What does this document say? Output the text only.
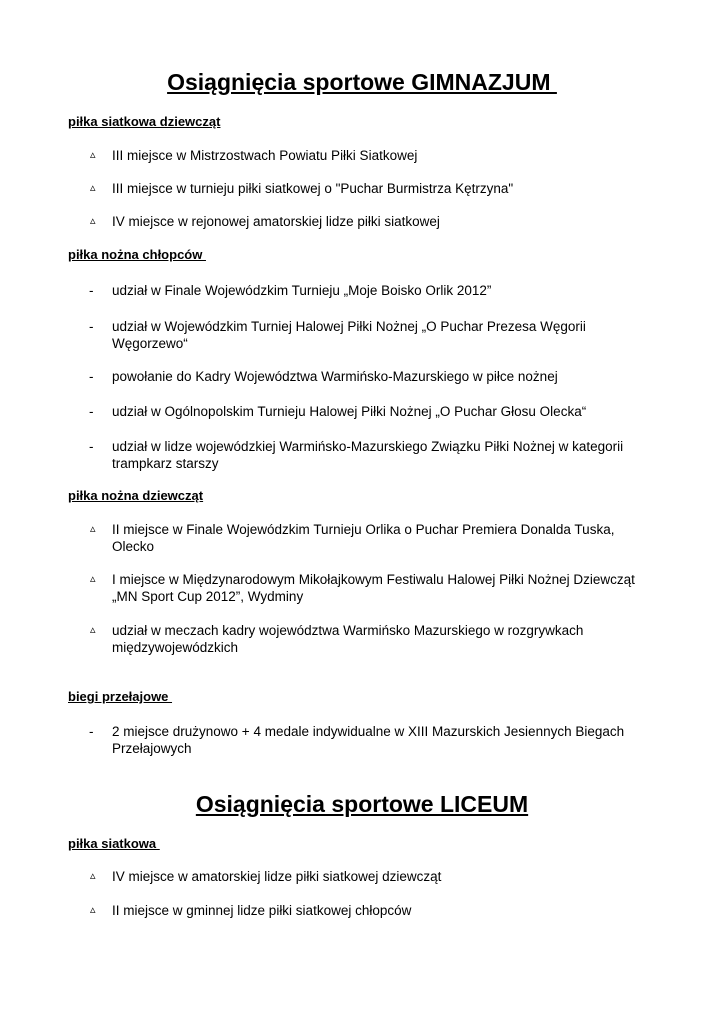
Osiągnięcia sportowe GIMNAZJUM
piłka siatkowa dziewcząt
▵	III miejsce w Mistrzostwach Powiatu Piłki Siatkowej
▵	III miejsce w turnieju piłki siatkowej o "Puchar Burmistrza Kętrzyna"
▵	IV miejsce w rejonowej amatorskiej lidze piłki siatkowej
piłka nożna chłopców
-	udział w Finale Wojewódzkim Turnieju „Moje Boisko Orlik 2012”
-	udział w Wojewódzkim Turniej Halowej Piłki Nożnej „O Puchar Prezesa Węgorii Węgorzewo“
-	powołanie do Kadry Województwa Warmińsko-Mazurskiego w piłce nożnej
-	udział w Ogólnopolskim Turnieju Halowej Piłki Nożnej „O Puchar Głosu Olecka“
-	udział w lidze wojewódzkiej Warmińsko-Mazurskiego Związku Piłki Nożnej w kategorii trampkarz starszy
piłka nożna dziewcząt
▵	II miejsce w Finale Wojewódzkim Turnieju Orlika o Puchar Premiera Donalda Tuska, Olecko
▵	I miejsce w Międzynarodowym Mikołajkowym Festiwalu Halowej Piłki Nożnej Dziewcząt „MN Sport Cup 2012”, Wydminy
▵	udział w meczach kadry województwa Warmińsko Mazurskiego w rozgrywkach międzywojewódzkich
biegi przełajowe
-	2 miejsce drużynowo + 4 medale indywidualne w XIII Mazurskich Jesiennych Biegach Przełajowych
Osiągnięcia sportowe LICEUM
piłka siatkowa
▵	IV miejsce w amatorskiej lidze piłki siatkowej dziewcząt
▵	II miejsce w gminnej lidze piłki siatkowej chłopców
